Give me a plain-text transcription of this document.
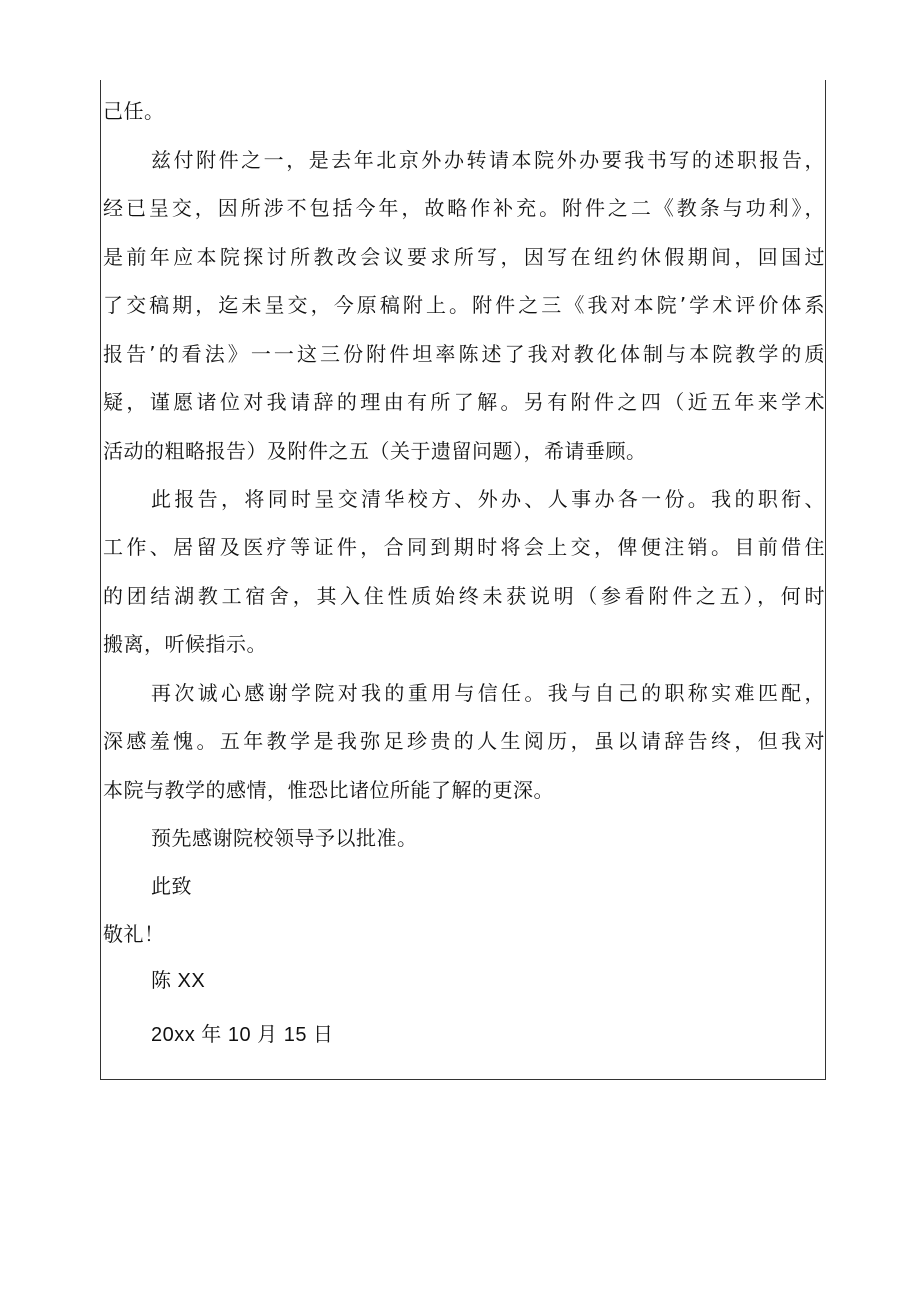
己任。
兹付附件之一，是去年北京外办转请本院外办要我书写的述职报告，
经已呈交，因所涉不包括今年，故略作补充。附件之二《教条与功利》，
是前年应本院探讨所教改会议要求所写，因写在纽约休假期间，回国过
了交稿期，迄未呈交，今原稿附上。附件之三《我对本院’学术评价体系
报告’的看法》一一这三份附件坦率陈述了我对教化体制与本院教学的质
疑，谨愿诸位对我请辞的理由有所了解。另有附件之四（近五年来学术
活动的粗略报告）及附件之五（关于遗留问题），希请垂顾。
此报告，将同时呈交清华校方、外办、人事办各一份。我的职衔、
工作、居留及医疗等证件，合同到期时将会上交，俾便注销。目前借住
的团结湖教工宿舍，其入住性质始终未获说明（参看附件之五），何时
搬离，听候指示。
再次诚心感谢学院对我的重用与信任。我与自己的职称实难匹配，
深感羞愧。五年教学是我弥足珍贵的人生阅历，虽以请辞告终，但我对
本院与教学的感情，惟恐比诸位所能了解的更深。
预先感谢院校领导予以批准。
此致
敬礼！
陈 XX
20xx 年 10 月 15 日
